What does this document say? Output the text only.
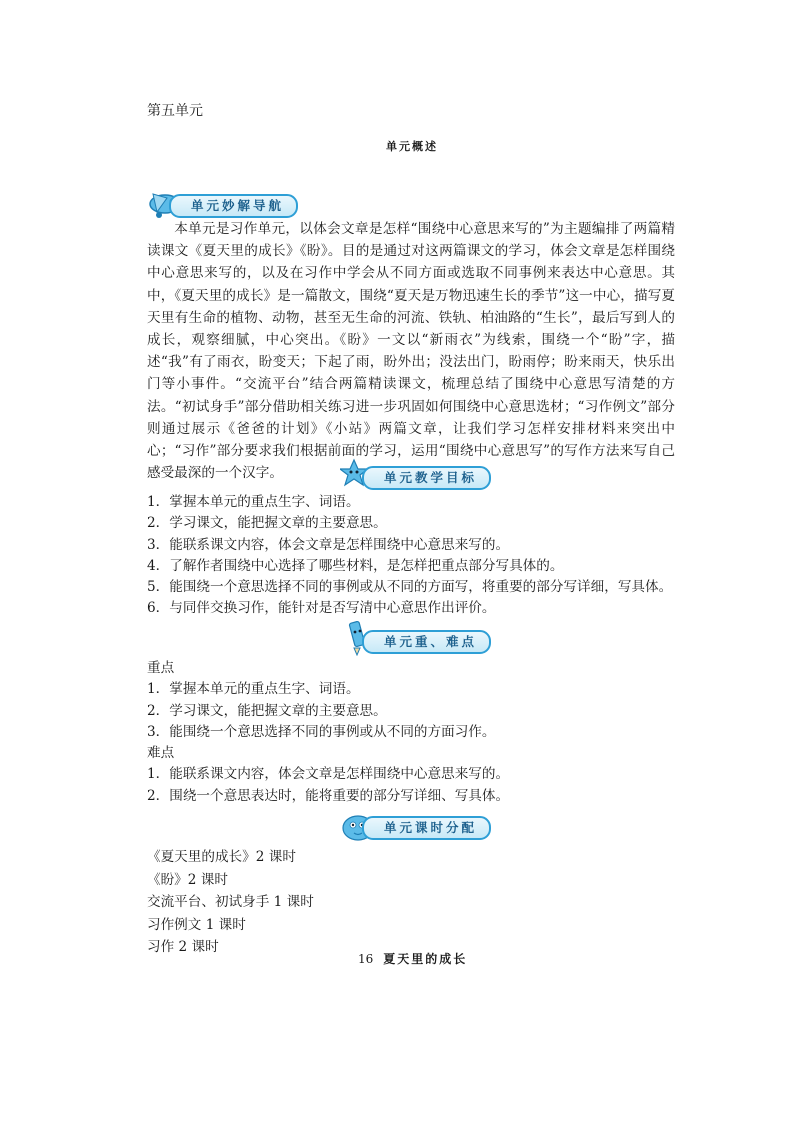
第五单元
单元概述
单元妙解导航
本单元是习作单元，以体会文章是怎样“围绕中心意思来写的”为主题编排了两篇精读课文《夏天里的成长》《盼》。目的是通过对这两篇课文的学习，体会文章是怎样围绕中心意思来写的，以及在习作中学会从不同方面或选取不同事例来表达中心意思。其中，《夏天里的成长》是一篇散文，围绕“夏天是万物迅速生长的季节”这一中心，描写夏天里有生命的植物、动物，甚至无生命的河流、铁轨、柏油路的“生长”，最后写到人的成长，观察细腻，中心突出。《盼》一文以“新雨衣”为线索，围绕一个“盼”字，描述“我”有了雨衣，盼变天；下起了雨，盼外出；没法出门，盼雨停；盼来雨天，快乐出门等小事件。“交流平台”结合两篇精读课文，梳理总结了围绕中心意思写清楚的方法。“初试身手”部分借助相关练习进一步巩固如何围绕中心意思选材；“习作例文”部分则通过展示《爸爸的计划》《小站》两篇文章，让我们学习怎样安排材料来突出中心；“习作”部分要求我们根据前面的学习，运用“围绕中心意思写”的写作方法来写自己感受最深的一个汉字。	单元教学目标
1．掌握本单元的重点生字、词语。
2．学习课文，能把握文章的主要意思。
3．能联系课文内容，体会文章是怎样围绕中心意思来写的。
4．了解作者围绕中心选择了哪些材料，是怎样把重点部分写具体的。
5．能围绕一个意思选择不同的事例或从不同的方面写，将重要的部分写详细，写具体。
6．与同伴交换习作，能针对是否写清中心意思作出评价。
单元重、难点
重点
1．掌握本单元的重点生字、词语。
2．学习课文，能把握文章的主要意思。
3．能围绕一个意思选择不同的事例或从不同的方面习作。
难点
1．能联系课文内容，体会文章是怎样围绕中心意思来写的。
2．围绕一个意思表达时，能将重要的部分写详细、写具体。
单元课时分配
《夏天里的成长》2 课时
《盼》2 课时
交流平台、初试身手 1 课时
习作例文 1 课时
习作 2 课时
16 夏天里的成长
